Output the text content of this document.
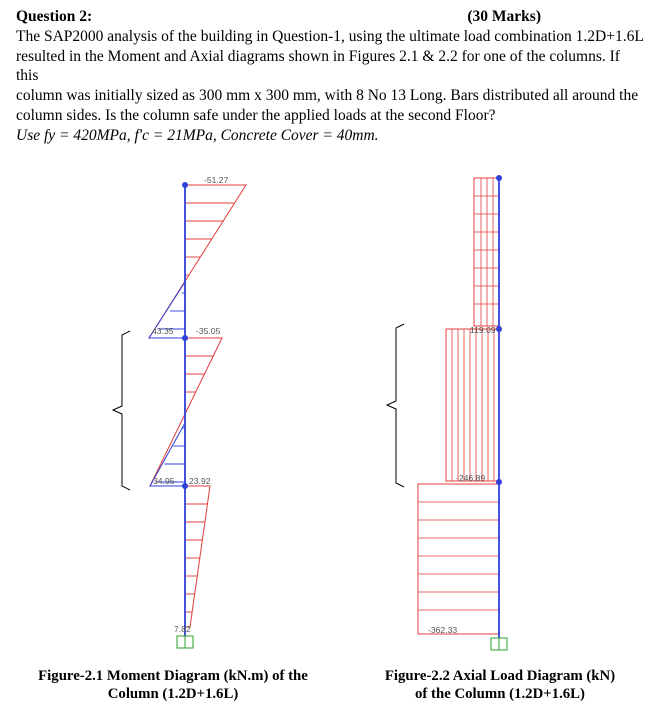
Question 2:	(30 Marks)
The SAP2000 analysis of the building in Question-1, using the ultimate load combination 1.2D+1.6L
resulted in the Moment and Axial diagrams shown in Figures 2.1 & 2.2 for one of the columns. If this
column was initially sized as 300 mm x 300 mm, with 8 No 13 Long. Bars distributed all around the
column sides. Is the column safe under the applied loads at the second Floor?
Use fy = 420MPa, f'c = 21MPa, Concrete Cover = 40mm.
-51.27
43.35	-35.05
34.95 23.92
7.82
119.09
-246.89
-362.33
Figure-2.1 Moment Diagram (kN.m) of the
Column (1.2D+1.6L)
Figure-2.2 Axial Load Diagram (kN)
of the Column (1.2D+1.6L)
